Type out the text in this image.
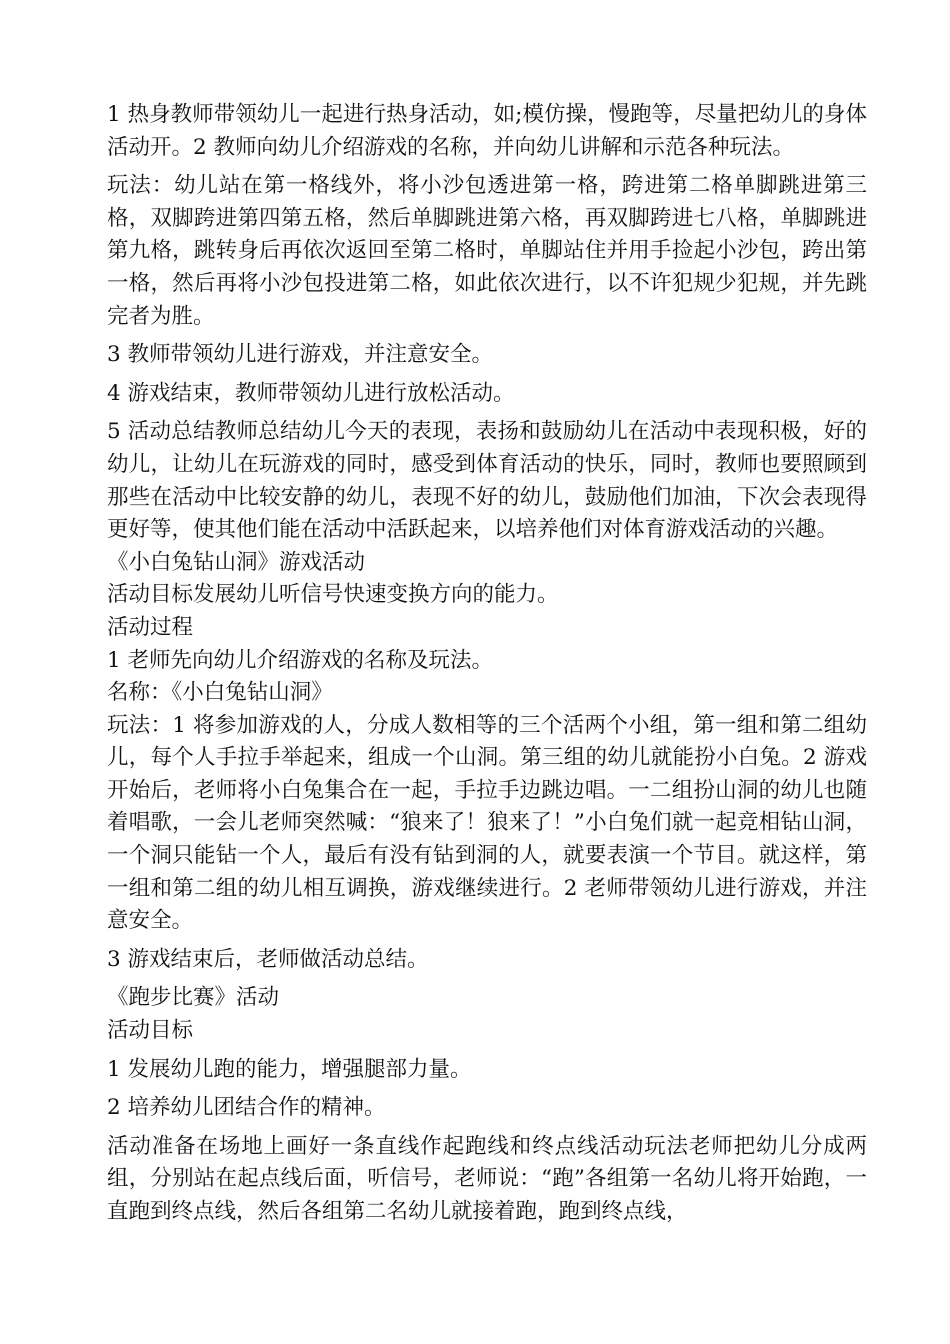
1 热身教师带领幼儿一起进行热身活动，如;模仿操，慢跑等，尽量把幼儿的身体活动开。2 教师向幼儿介绍游戏的名称，并向幼儿讲解和示范各种玩法。

玩法：幼儿站在第一格线外，将小沙包透进第一格，跨进第二格单脚跳进第三格，双脚跨进第四第五格，然后单脚跳进第六格，再双脚跨进七八格，单脚跳进第九格，跳转身后再依次返回至第二格时，单脚站住并用手捡起小沙包，跨出第一格，然后再将小沙包投进第二格，如此依次进行，以不许犯规少犯规，并先跳完者为胜。

3 教师带领幼儿进行游戏，并注意安全。

4 游戏结束，教师带领幼儿进行放松活动。

5 活动总结教师总结幼儿今天的表现，表扬和鼓励幼儿在活动中表现积极，好的幼儿，让幼儿在玩游戏的同时，感受到体育活动的快乐，同时，教师也要照顾到那些在活动中比较安静的幼儿，表现不好的幼儿，鼓励他们加油，下次会表现得更好等，使其他们能在活动中活跃起来，以培养他们对体育游戏活动的兴趣。

《小白兔钻山洞》游戏活动

活动目标发展幼儿听信号快速变换方向的能力。

活动过程

1 老师先向幼儿介绍游戏的名称及玩法。

名称：《小白兔钻山洞》

玩法：1 将参加游戏的人，分成人数相等的三个活两个小组，第一组和第二组幼儿，每个人手拉手举起来，组成一个山洞。第三组的幼儿就能扮小白兔。2 游戏开始后，老师将小白兔集合在一起，手拉手边跳边唱。一二组扮山洞的幼儿也随着唱歌，一会儿老师突然喊：“狼来了！狼来了！”小白兔们就一起竞相钻山洞，一个洞只能钻一个人，最后有没有钻到洞的人，就要表演一个节目。就这样，第一组和第二组的幼儿相互调换，游戏继续进行。2 老师带领幼儿进行游戏，并注意安全。

3 游戏结束后，老师做活动总结。

《跑步比赛》活动

活动目标

1 发展幼儿跑的能力，增强腿部力量。

2 培养幼儿团结合作的精神。

活动准备在场地上画好一条直线作起跑线和终点线活动玩法老师把幼儿分成两组，分别站在起点线后面，听信号，老师说：“跑”各组第一名幼儿将开始跑，一直跑到终点线，然后各组第二名幼儿就接着跑，跑到终点线，
